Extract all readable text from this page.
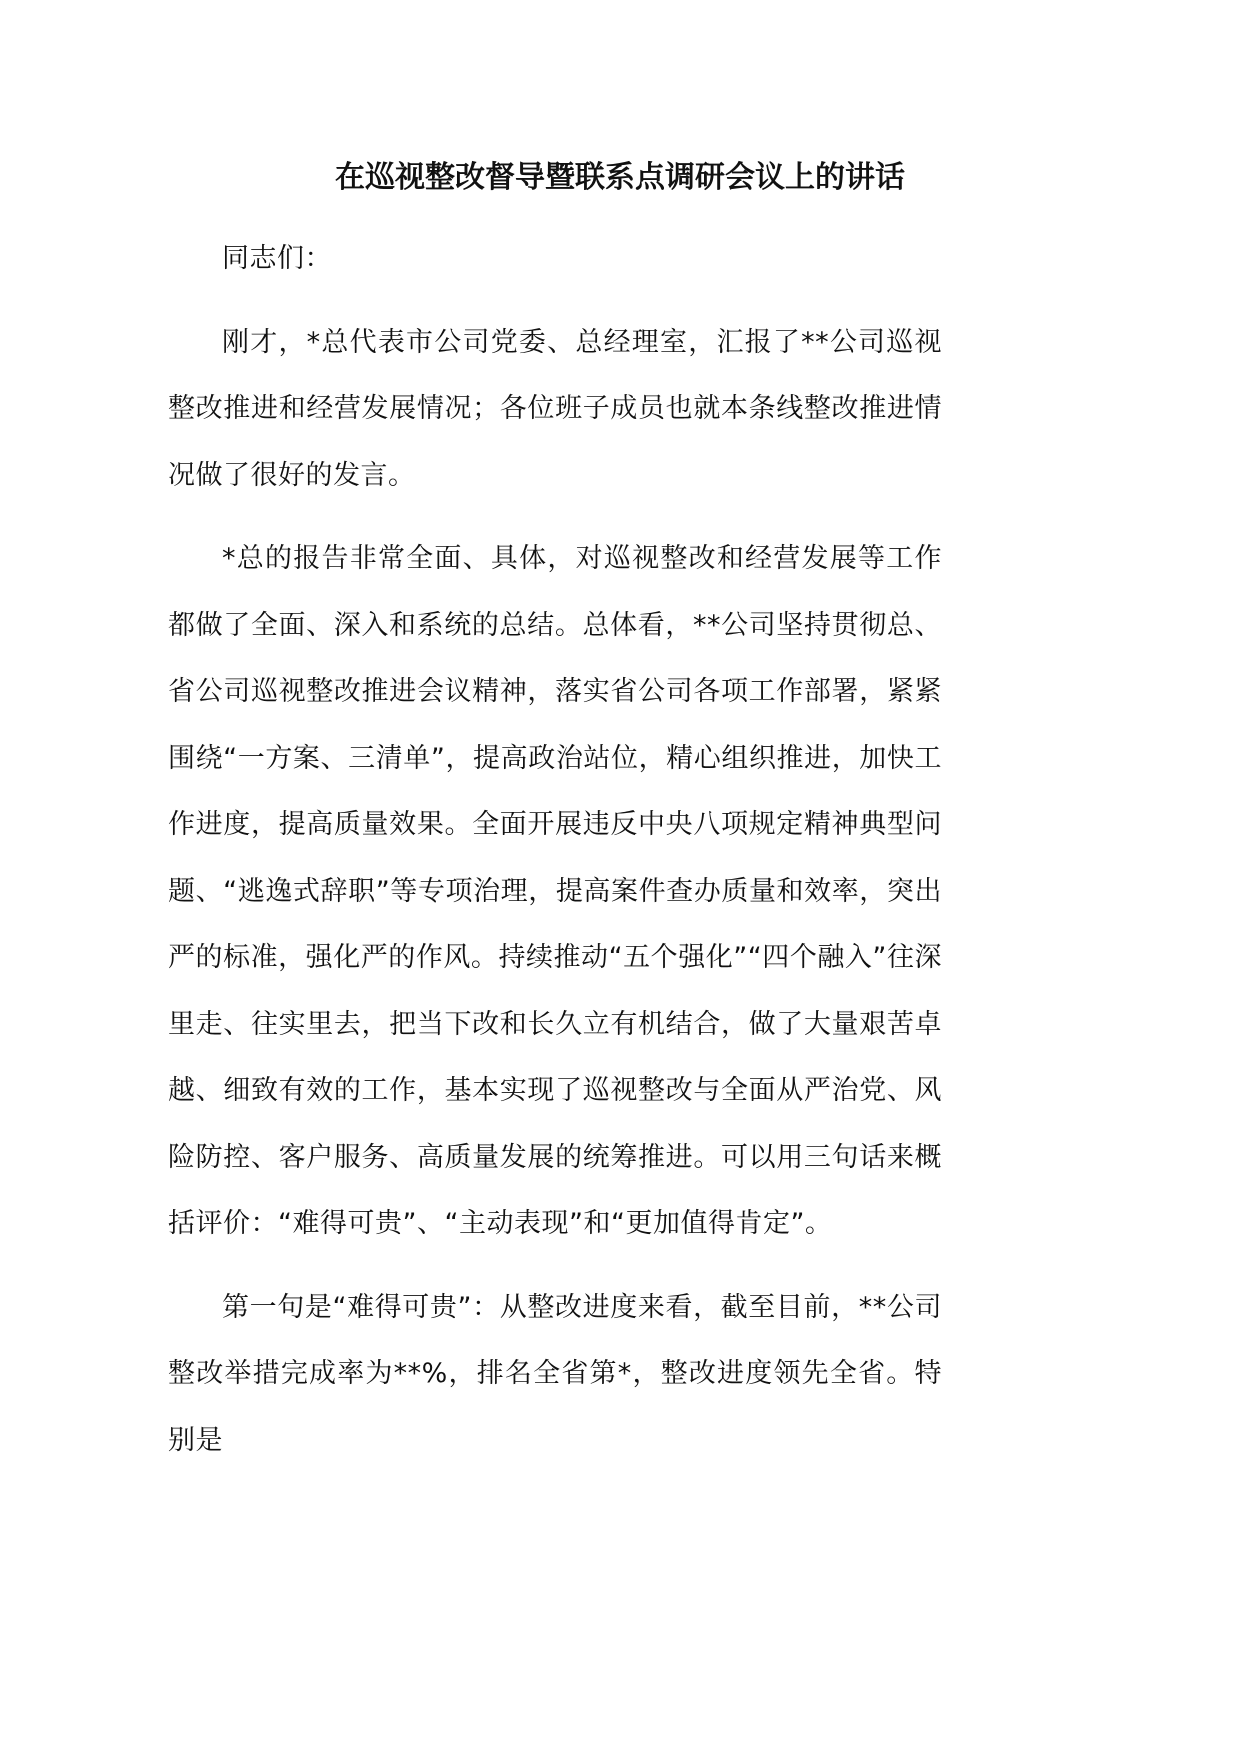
在巡视整改督导暨联系点调研会议上的讲话

同志们：

刚才，*总代表市公司党委、总经理室，汇报了**公司巡视整改推进和经营发展情况；各位班子成员也就本条线整改推进情况做了很好的发言。

*总的报告非常全面、具体，对巡视整改和经营发展等工作都做了全面、深入和系统的总结。总体看，**公司坚持贯彻总、省公司巡视整改推进会议精神，落实省公司各项工作部署，紧紧围绕“一方案、三清单”，提高政治站位，精心组织推进，加快工作进度，提高质量效果。全面开展违反中央八项规定精神典型问题、“逃逸式辞职”等专项治理，提高案件查办质量和效率，突出严的标准，强化严的作风。持续推动“五个强化”“四个融入”往深里走、往实里去，把当下改和长久立有机结合，做了大量艰苦卓越、细致有效的工作，基本实现了巡视整改与全面从严治党、风险防控、客户服务、高质量发展的统筹推进。可以用三句话来概括评价：“难得可贵”、“主动表现”和“更加值得肯定”。

第一句是“难得可贵”：从整改进度来看，截至目前，**公司整改举措完成率为**%，排名全省第*，整改进度领先全省。特别是
